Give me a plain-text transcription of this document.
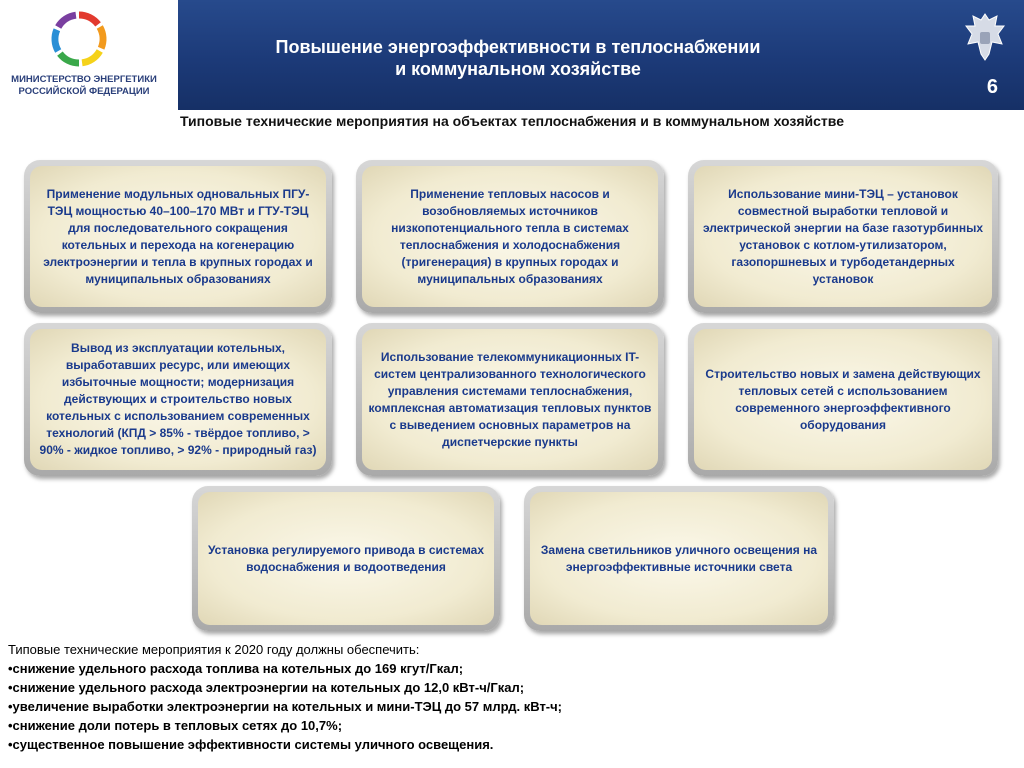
МИНИСТЕРСТВО ЭНЕРГЕТИКИ
РОССИЙСКОЙ ФЕДЕРАЦИИ
Повышение энергоэффективности в теплоснабжении
и коммунальном хозяйстве
6
Типовые технические мероприятия на объектах теплоснабжения и в коммунальном хозяйстве
Применение модульных одновальных ПГУ-ТЭЦ мощностью 40–100–170 МВт и ГТУ-ТЭЦ для последовательного сокращения котельных и перехода на когенерацию электроэнергии и тепла в крупных городах и муниципальных образованиях
Применение тепловых насосов и возобновляемых источников низкопотенциального тепла в системах теплоснабжения и холодоснабжения (тригенерация) в крупных городах и муниципальных образованиях
Использование мини-ТЭЦ – установок совместной выработки тепловой и электрической энергии на базе газотурбинных установок с котлом-утилизатором, газопоршневых и турбодетандерных установок
Вывод из эксплуатации котельных, выработавших ресурс, или имеющих избыточные мощности; модернизация действующих и строительство новых котельных с использованием современных технологий (КПД > 85% - твёрдое топливо, > 90% - жидкое топливо, > 92% - природный газ)
Использование телекоммуникационных IT-систем централизованного технологического управления системами теплоснабжения, комплексная автоматизация тепловых пунктов с выведением основных параметров на диспетчерские пункты
Строительство новых и замена действующих тепловых сетей с использованием современного энергоэффективного оборудования
Установка регулируемого привода в системах водоснабжения и водоотведения
Замена светильников уличного освещения на энергоэффективные источники света
Типовые технические мероприятия к 2020 году должны обеспечить:
•снижение удельного расхода топлива на котельных до 169 кгут/Гкал;
•снижение удельного расхода электроэнергии на котельных до 12,0 кВт-ч/Гкал;
•увеличение выработки электроэнергии на котельных и мини-ТЭЦ до 57 млрд. кВт-ч;
•снижение доли потерь в тепловых сетях до 10,7%;
•существенное повышение эффективности системы уличного освещения.
